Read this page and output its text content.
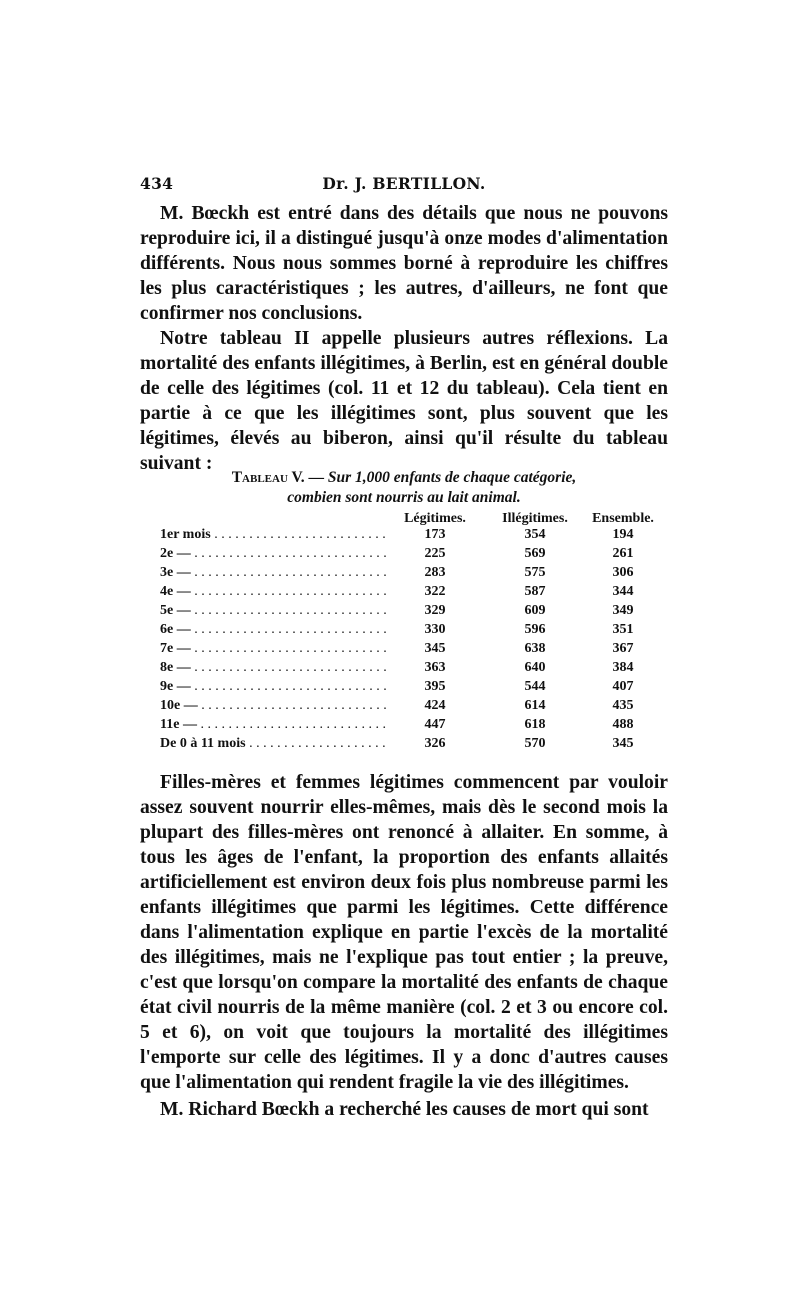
434	Dr. J. BERTILLON.

M. Bœckh est entré dans des détails que nous ne pouvons reproduire ici, il a distingué jusqu'à onze modes d'alimentation différents. Nous nous sommes borné à reproduire les chiffres les plus caractéristiques ; les autres, d'ailleurs, ne font que confirmer nos conclusions.

Notre tableau II appelle plusieurs autres réflexions. La mortalité des enfants illégitimes, à Berlin, est en général double de celle des légitimes (col. 11 et 12 du tableau). Cela tient en partie à ce que les illégitimes sont, plus souvent que les légitimes, élevés au biberon, ainsi qu'il résulte du tableau suivant :

Tableau V. — Sur 1,000 enfants de chaque catégorie,
combien sont nourris au lait animal.
Légitimes.	Illégitimes.	Ensemble.
1er mois . . .	173	354	194
2e — . . .	225	569	261
3e — . . .	283	575	306
4e — . . .	322	587	344
5e — . . .	329	609	349
6e — . . .	330	596	351
7e — . . .	345	638	367
8e — . . .	363	640	384
9e — . . .	395	544	407
10e — . . .	424	614	435
11e — . . .	447	618	488
De 0 à 11 mois . . .	326	570	345

Filles-mères et femmes légitimes commencent par vouloir assez souvent nourrir elles-mêmes, mais dès le second mois la plupart des filles-mères ont renoncé à allaiter. En somme, à tous les âges de l'enfant, la proportion des enfants allaités artificiellement est environ deux fois plus nombreuse parmi les enfants illégitimes que parmi les légitimes. Cette différence dans l'alimentation explique en partie l'excès de la mortalité des illégitimes, mais ne l'explique pas tout entier ; la preuve, c'est que lorsqu'on compare la mortalité des enfants de chaque état civil nourris de la même manière (col. 2 et 3 ou encore col. 5 et 6), on voit que toujours la mortalité des illégitimes l'emporte sur celle des légitimes. Il y a donc d'autres causes que l'alimentation qui rendent fragile la vie des illégitimes.

M. Richard Bœckh a recherché les causes de mort qui sont
